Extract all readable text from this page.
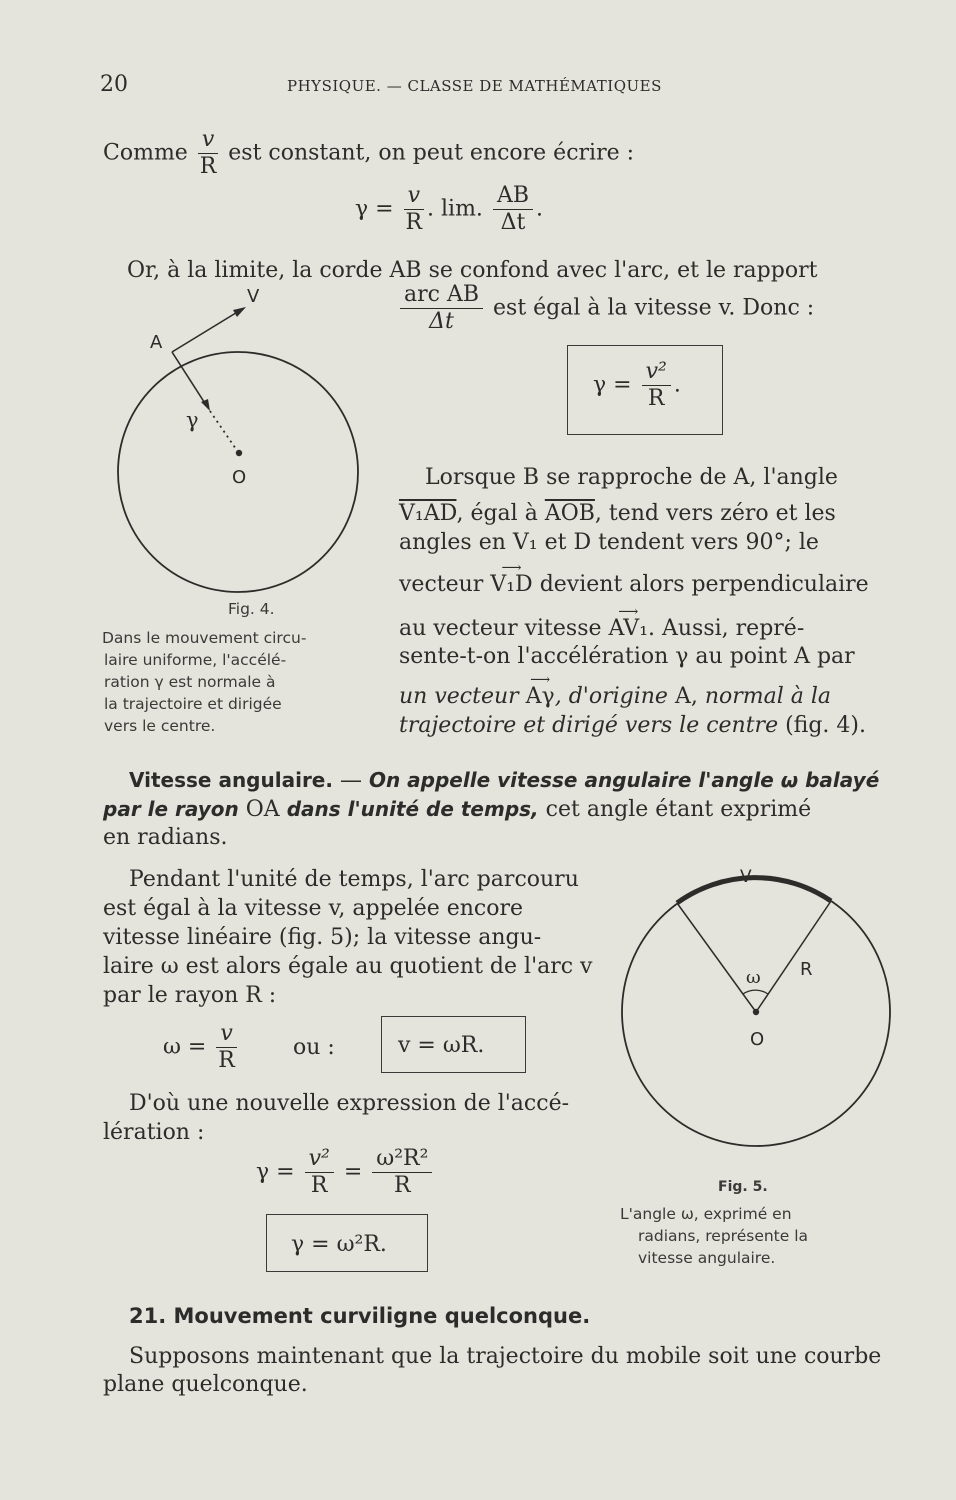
20	PHYSIQUE. — CLASSE DE MATHÉMATIQUES
Comme $\frac{v}{R}$ est constant, on peut encore écrire :
$\gamma = \frac{v}{R}$ . lim. $\frac{AB}{\Delta t}$ .
Or, à la limite, la corde AB se confond avec l'arc, et le rapport
$\frac{\text{arc AB}}{\Delta t}$ est égal à la vitesse v. Donc :
$\gamma = \frac{\text{v²}}{R}$ .
V
A
γ
O
Fig. 4.
Dans le mouvement circu-
laire uniforme, l'accélé-
ration γ est normale à
la trajectoire et dirigée
vers le centre.
Lorsque B se rapproche de A, l'angle
V₁AD, égal à $\overline{AOB}$, tend vers zéro et les
angles en V₁ et D tendent vers 90°; le
vecteur ⟶ V₁D devient alors perpendiculaire
au vecteur vitesse ⟶ AV₁. Aussi, repré-
sente-t-on l'accélération γ au point A par
un vecteur ⟶ Aγ, d'origine A, normal à la
trajectoire et dirigé vers le centre (fig. 4).
Vitesse angulaire. — On appelle vitesse angulaire l'angle ω balayé
par le rayon OA dans l'unité de temps, cet angle étant exprimé
en radians.
Pendant l'unité de temps, l'arc parcouru
est égal à la vitesse v, appelée encore
vitesse linéaire (fig. 5); la vitesse angu-
laire ω est alors égale au quotient de l'arc v
par le rayon R :
$\omega = \frac{v}{R}$	ou :	v = ωR.
D'où une nouvelle expression de l'accé-
lération :
$\gamma = \frac{\text{v²}}{R} = \frac{\text{ω²R²}}{R}$
γ = ω²R.
V
R
ω
O
Fig. 5.
L'angle ω, exprimé en
radians, représente la
vitesse angulaire.
21. Mouvement curviligne quelconque.
Supposons maintenant que la trajectoire du mobile soit une courbe
plane quelconque.
